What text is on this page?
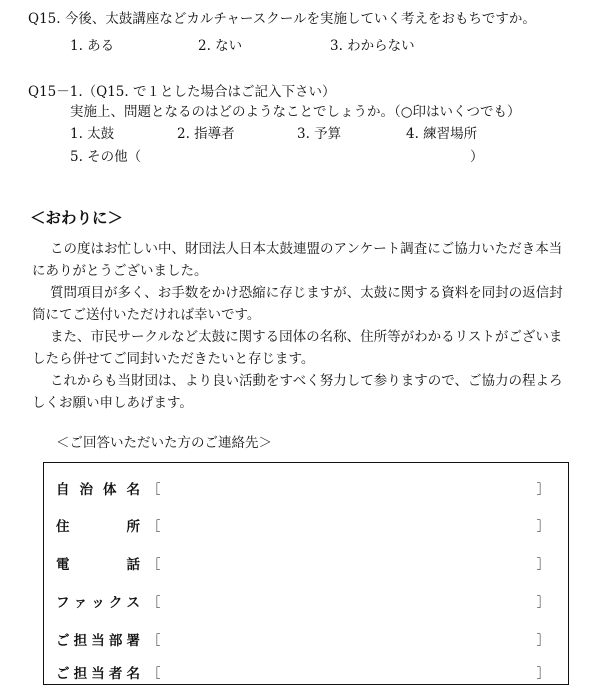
Q15. 今後、太鼓講座などカルチャースクールを実施していく考えをおもちですか。
1. ある	2. ない	3. わからない
Q15－1.（Q15. で１とした場合はご記入下さい）
実施上、問題となるのはどのようなことでしょうか。（○印はいくつでも）
1. 太鼓	2. 指導者	3. 予算	4. 練習場所
5. その他（	）
＜おわりに＞
この度はお忙しい中、財団法人日本太鼓連盟のアンケート調査にご協力いただき本当にありがとうございました。
質問項目が多く、お手数をかけ恐縮に存じますが、太鼓に関する資料を同封の返信封筒にてご送付いただければ幸いです。
また、市民サークルなど太鼓に関する団体の名称、住所等がわかるリストがございましたら併せてご同封いただきたいと存じます。
これからも当財団は、より良い活動をすべく努力して参りますので、ご協力の程よろしくお願い申しあげます。
＜ご回答いただいた方のご連絡先＞
自 治 体 名 ［	］
住	所 ［	］
電	話 ［	］
フ ァ ッ ク ス ［	］
ご 担 当 部 署 ［	］
ご 担 当 者 名 ［	］
